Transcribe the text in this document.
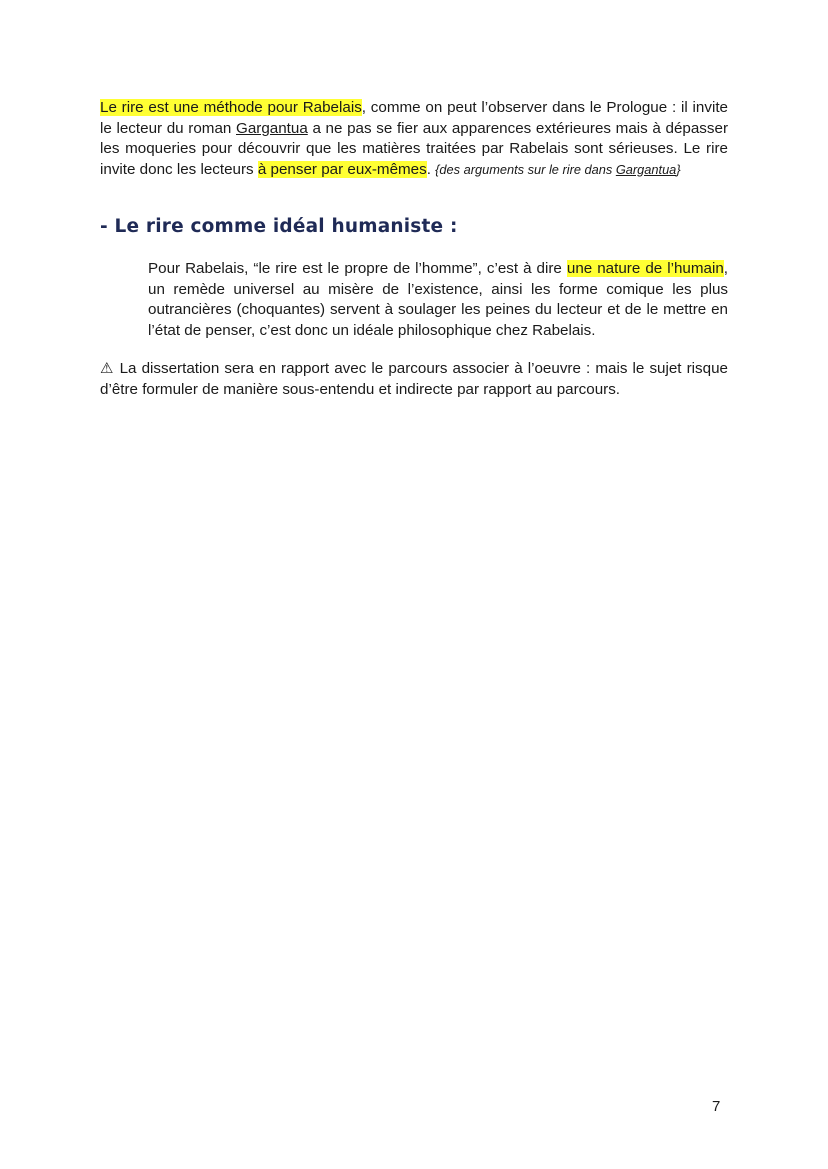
Le rire est une méthode pour Rabelais, comme on peut l’observer dans le Prologue : il invite le lecteur du roman Gargantua a ne pas se fier aux apparences extérieures mais à dépasser les moqueries pour découvrir que les matières traitées par Rabelais sont sérieuses. Le rire invite donc les lecteurs à penser par eux-mêmes. {des arguments sur le rire dans Gargantua}

- Le rire comme idéal humaniste :

Pour Rabelais, “le rire est le propre de l’homme”, c’est à dire une nature de l’humain, un remède universel au misère de l’existence, ainsi les forme comique les plus outrancières (choquantes) servent à soulager les peines du lecteur et de le mettre en l’état de penser, c’est donc un idéale philosophique chez Rabelais.

⚠ La dissertation sera en rapport avec le parcours associer à l’oeuvre : mais le sujet risque d’être formuler de manière sous-entendu et indirecte par rapport au parcours.

7
